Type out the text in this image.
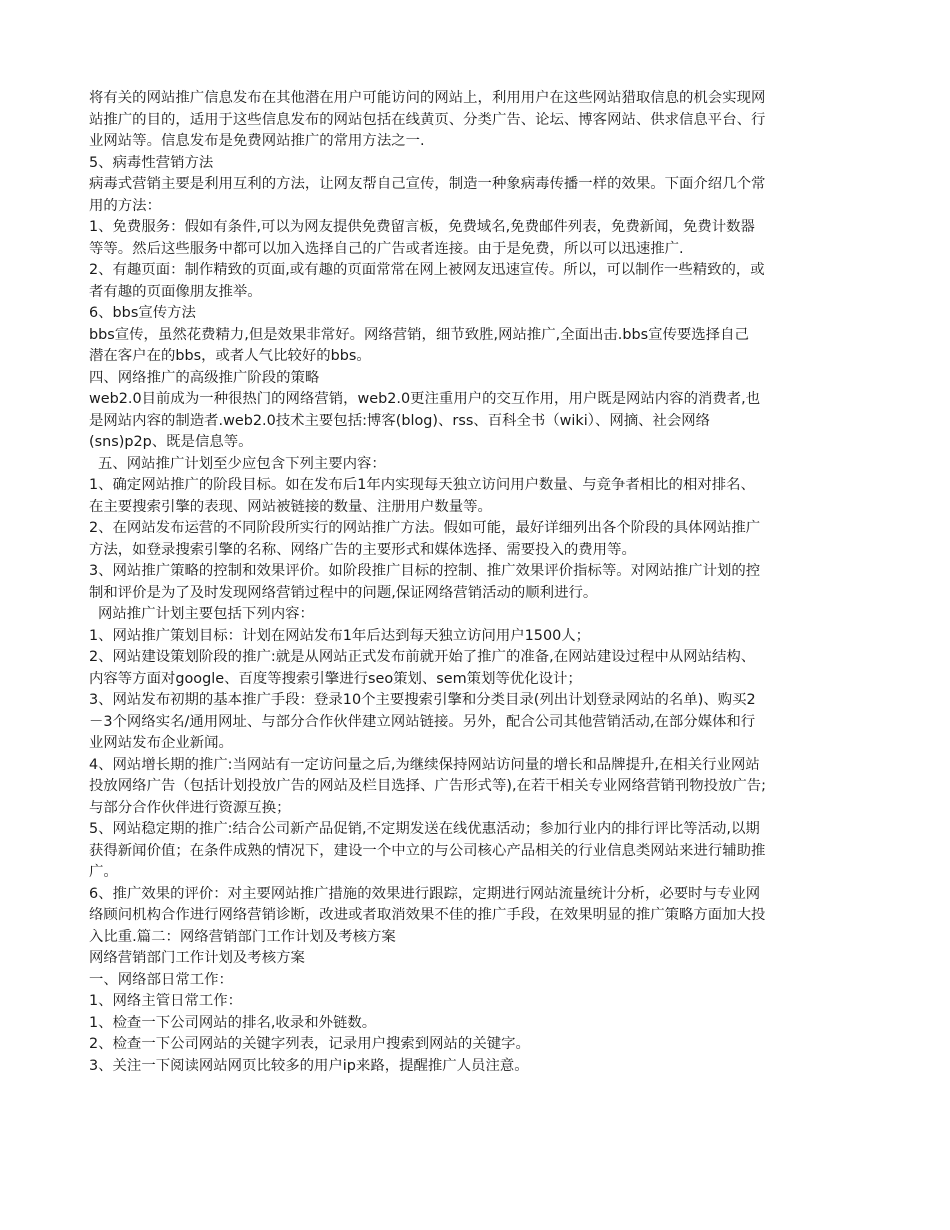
将有关的网站推广信息发布在其他潜在用户可能访问的网站上，利用用户在这些网站猎取信息的机会实现网
站推广的目的，适用于这些信息发布的网站包括在线黄页、分类广告、论坛、博客网站、供求信息平台、行
业网站等。信息发布是免费网站推广的常用方法之一.
5、病毒性营销方法
病毒式营销主要是利用互利的方法，让网友帮自己宣传，制造一种象病毒传播一样的效果。下面介绍几个常
用的方法：
1、免费服务：假如有条件,可以为网友提供免费留言板，免费域名,免费邮件列表，免费新闻，免费计数器
等等。然后这些服务中都可以加入选择自己的广告或者连接。由于是免费，所以可以迅速推广.
2、有趣页面：制作精致的页面,或有趣的页面常常在网上被网友迅速宣传。所以，可以制作一些精致的，或
者有趣的页面像朋友推举。
6、bbs宣传方法
bbs宣传，虽然花费精力,但是效果非常好。网络营销，细节致胜,网站推广,全面出击.bbs宣传要选择自己
潜在客户在的bbs，或者人气比较好的bbs。
四、网络推广的高级推广阶段的策略
web2.0目前成为一种很热门的网络营销，web2.0更注重用户的交互作用，用户既是网站内容的消费者,也
是网站内容的制造者.web2.0技术主要包括:博客(blog)、rss、百科全书（wiki）、网摘、社会网络
(sns)p2p、既是信息等。
五、网站推广计划至少应包含下列主要内容：
1、确定网站推广的阶段目标。如在发布后1年内实现每天独立访问用户数量、与竞争者相比的相对排名、
在主要搜索引擎的表现、网站被链接的数量、注册用户数量等。
2、在网站发布运营的不同阶段所实行的网站推广方法。假如可能，最好详细列出各个阶段的具体网站推广
方法，如登录搜索引擎的名称、网络广告的主要形式和媒体选择、需要投入的费用等。
3、网站推广策略的控制和效果评价。如阶段推广目标的控制、推广效果评价指标等。对网站推广计划的控
制和评价是为了及时发现网络营销过程中的问题,保证网络营销活动的顺利进行。
网站推广计划主要包括下列内容：
1、网站推广策划目标：计划在网站发布1年后达到每天独立访问用户1500人；
2、网站建设策划阶段的推广:就是从网站正式发布前就开始了推广的准备,在网站建设过程中从网站结构、
内容等方面对google、百度等搜索引擎进行seo策划、sem策划等优化设计；
3、网站发布初期的基本推广手段：登录10个主要搜索引擎和分类目录(列出计划登录网站的名单)、购买2
－3个网络实名/通用网址、与部分合作伙伴建立网站链接。另外，配合公司其他营销活动,在部分媒体和行
业网站发布企业新闻。
4、网站增长期的推广:当网站有一定访问量之后,为继续保持网站访问量的增长和品牌提升,在相关行业网站
投放网络广告（包括计划投放广告的网站及栏目选择、广告形式等),在若干相关专业网络营销刊物投放广告;
与部分合作伙伴进行资源互换；
5、网站稳定期的推广:结合公司新产品促销,不定期发送在线优惠活动；参加行业内的排行评比等活动,以期
获得新闻价值；在条件成熟的情况下，建设一个中立的与公司核心产品相关的行业信息类网站来进行辅助推
广。
6、推广效果的评价：对主要网站推广措施的效果进行跟踪，定期进行网站流量统计分析，必要时与专业网
络顾问机构合作进行网络营销诊断，改进或者取消效果不佳的推广手段，在效果明显的推广策略方面加大投
入比重.篇二：网络营销部门工作计划及考核方案
网络营销部门工作计划及考核方案
一、网络部日常工作：
1、网络主管日常工作：
1、检查一下公司网站的排名,收录和外链数。
2、检查一下公司网站的关键字列表，记录用户搜索到网站的关键字。
3、关注一下阅读网站网页比较多的用户ip来路，提醒推广人员注意。
